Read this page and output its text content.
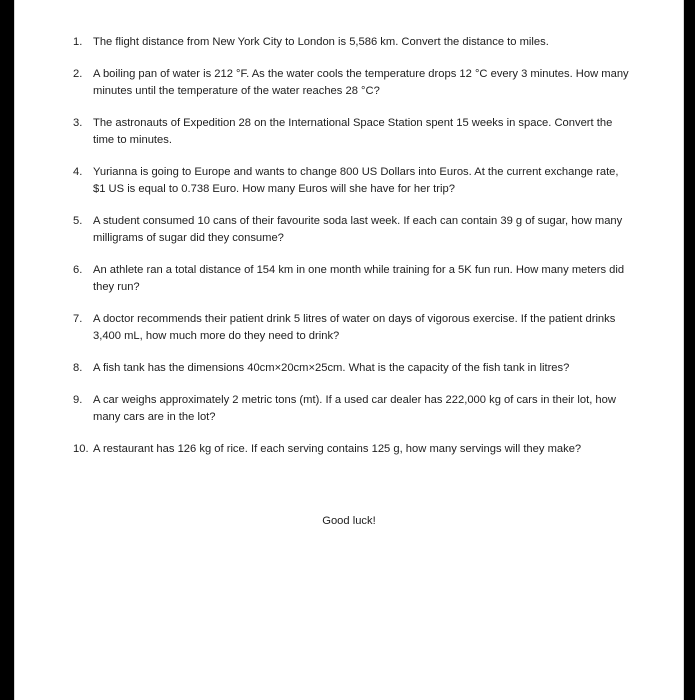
1. The flight distance from New York City to London is 5,586 km. Convert the distance to miles.
2. A boiling pan of water is 212 °F. As the water cools the temperature drops 12 °C every 3 minutes. How many minutes until the temperature of the water reaches 28 °C?
3. The astronauts of Expedition 28 on the International Space Station spent 15 weeks in space. Convert the time to minutes.
4. Yurianna is going to Europe and wants to change 800 US Dollars into Euros. At the current exchange rate, $1 US is equal to 0.738 Euro. How many Euros will she have for her trip?
5. A student consumed 10 cans of their favourite soda last week. If each can contain 39 g of sugar, how many milligrams of sugar did they consume?
6. An athlete ran a total distance of 154 km in one month while training for a 5K fun run. How many meters did they run?
7. A doctor recommends their patient drink 5 litres of water on days of vigorous exercise. If the patient drinks 3,400 mL, how much more do they need to drink?
8. A fish tank has the dimensions 40cm×20cm×25cm. What is the capacity of the fish tank in litres?
9. A car weighs approximately 2 metric tons (mt). If a used car dealer has 222,000 kg of cars in their lot, how many cars are in the lot?
10. A restaurant has 126 kg of rice. If each serving contains 125 g, how many servings will they make?
Good luck!
